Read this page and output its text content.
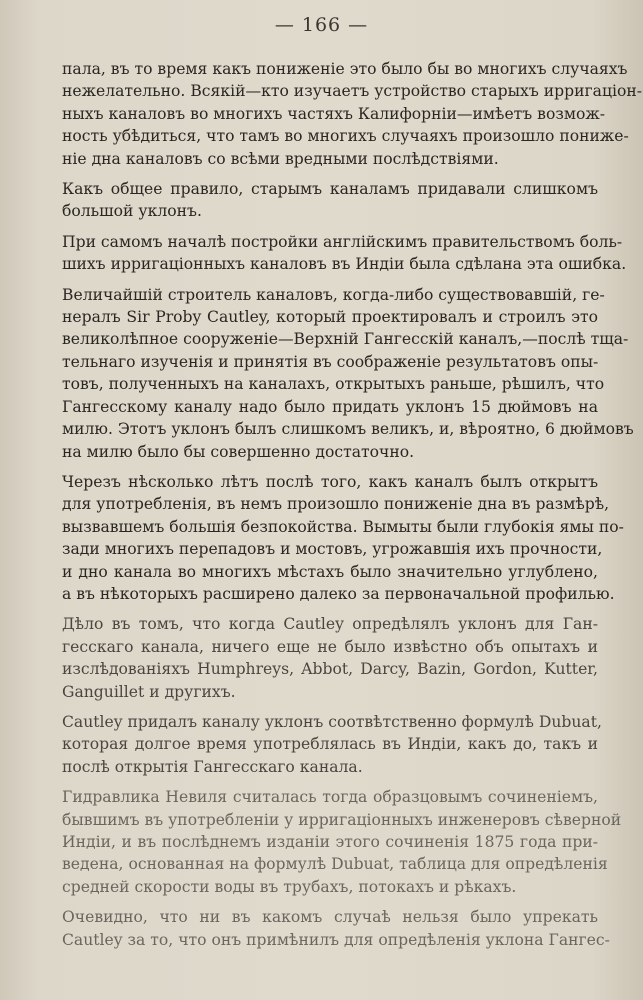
— 166 —
пала, въ то время какъ пониженіе это было бы во многихъ случаяхъ
нежелательно. Всякій—кто изучаетъ устройство старыхъ ирригаціон-
ныхъ каналовъ во многихъ частяхъ Калифорніи—имѣетъ возмож-
ность убѣдиться, что тамъ во многихъ случаяхъ произошло пониже-
ніе дна каналовъ со всѣми вредными послѣдствіями.
Какъ общее правило, старымъ каналамъ придавали слишкомъ
большой уклонъ.
При самомъ началѣ постройки англійскимъ правительствомъ боль-
шихъ ирригаціонныхъ каналовъ въ Индіи была сдѣлана эта ошибка.
Величайшій строитель каналовъ, когда-либо существовавшій, ге-
нералъ Sir Proby Cautley, который проектировалъ и строилъ это
великолѣпное сооруженіе—Верхній Гангесскій каналъ,—послѣ тща-
тельнаго изученія и принятія въ соображеніе результатовъ опы-
товъ, полученныхъ на каналахъ, открытыхъ раньше, рѣшилъ, что
Гангесскому каналу надо было придать уклонъ 15 дюймовъ на
милю. Этотъ уклонъ былъ слишкомъ великъ, и, вѣроятно, 6 дюймовъ
на милю было бы совершенно достаточно.
Черезъ нѣсколько лѣтъ послѣ того, какъ каналъ былъ открытъ
для употребленія, въ немъ произошло пониженіе дна въ размѣрѣ,
вызвавшемъ большія безпокойства. Вымыты были глубокія ямы по-
зади многихъ перепадовъ и мостовъ, угрожавшія ихъ прочности,
и дно канала во многихъ мѣстахъ было значительно углублено,
а въ нѣкоторыхъ расширено далеко за первоначальной профилью.
Дѣло въ томъ, что когда Cautley опредѣлялъ уклонъ для Ган-
гесскаго канала, ничего еще не было извѣстно объ опытахъ и
изслѣдованіяхъ Humphreys, Abbot, Darcy, Bazin, Gordon, Kutter,
Ganguillet и другихъ.
Cautley придалъ каналу уклонъ соотвѣтственно формулѣ Dubuat,
которая долгое время употреблялась въ Индіи, какъ до, такъ и
послѣ открытія Гангесскаго канала.
Гидравлика Невиля считалась тогда образцовымъ сочиненіемъ,
бывшимъ въ употребленіи у ирригаціонныхъ инженеровъ сѣверной
Индіи, и въ послѣднемъ изданіи этого сочиненія 1875 года при-
ведена, основанная на формулѣ Dubuat, таблица для опредѣленія
средней скорости воды въ трубахъ, потокахъ и рѣкахъ.
Очевидно, что ни въ какомъ случаѣ нельзя было упрекать
Cautley за то, что онъ примѣнилъ для опредѣленія уклона Гангес-
